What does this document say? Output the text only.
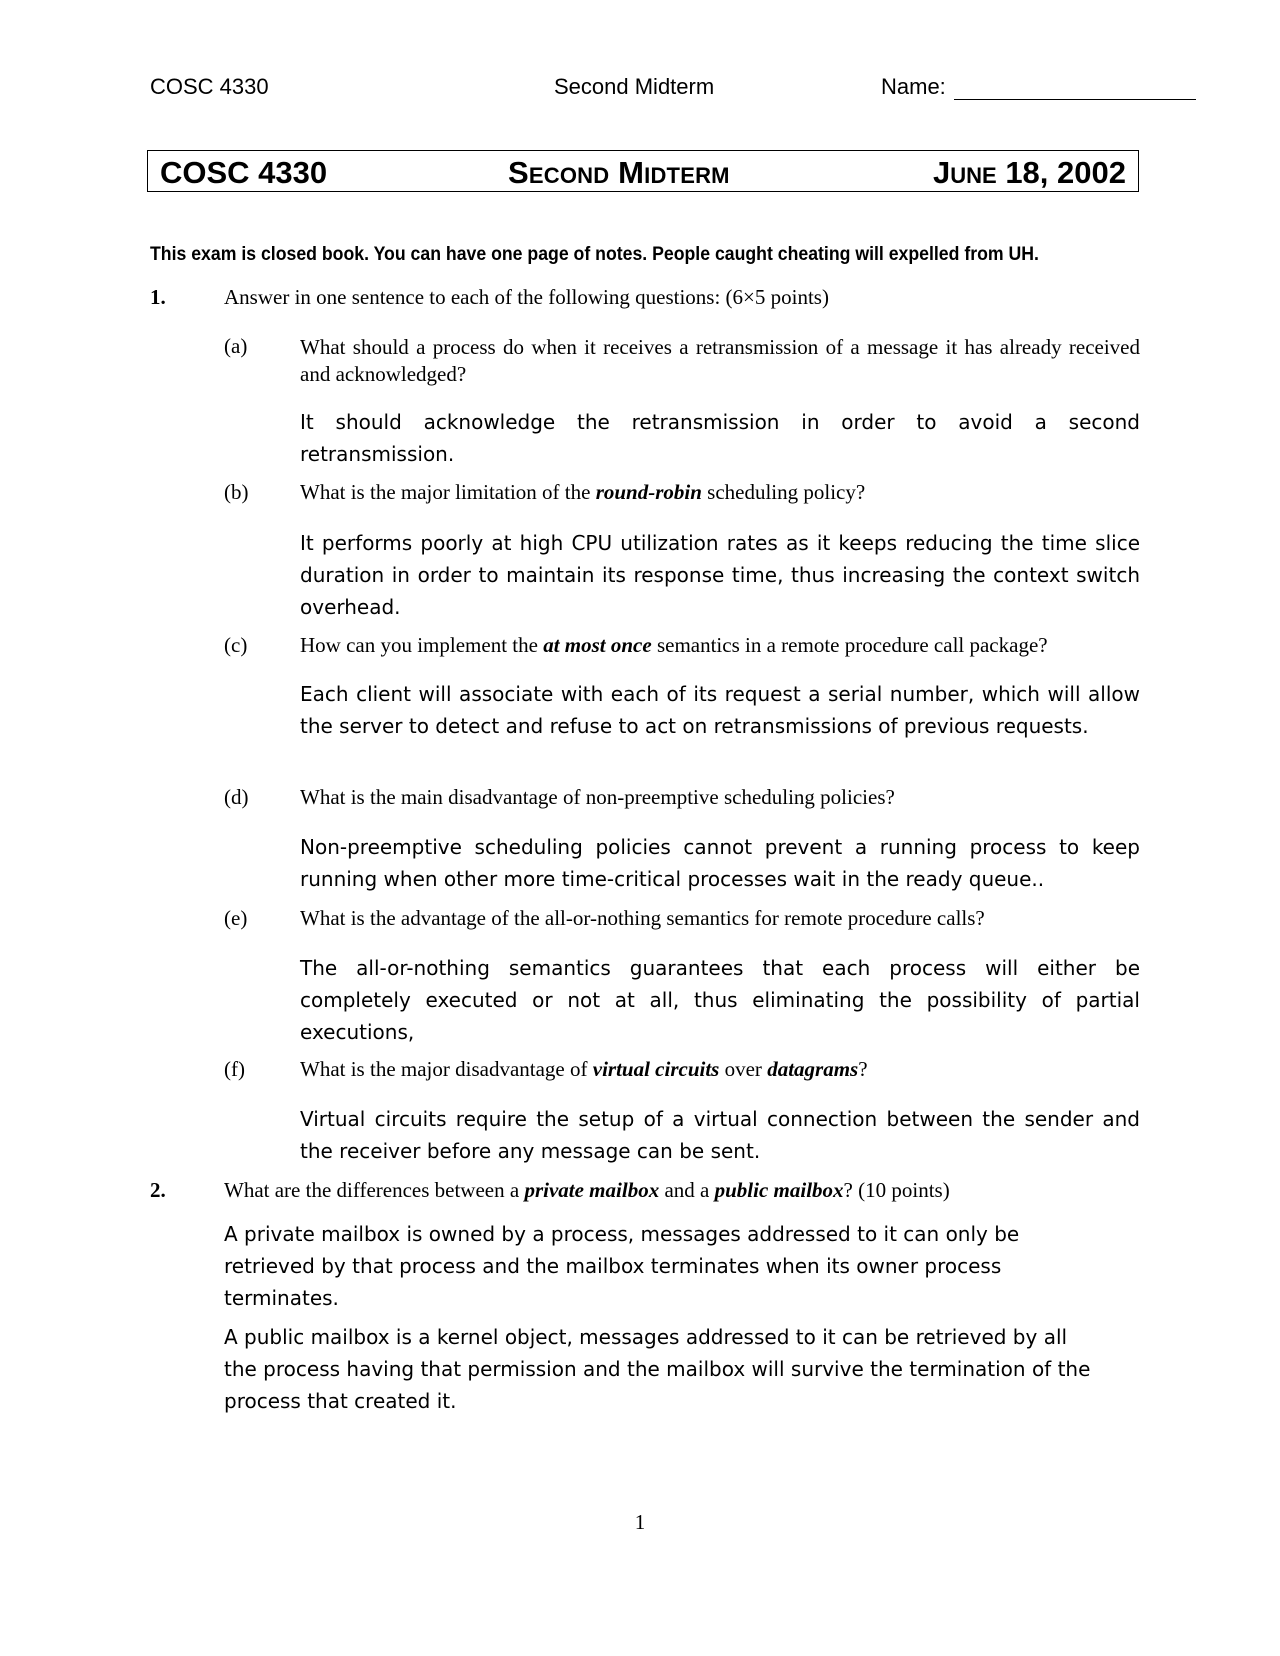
COSC 4330	Second Midterm	Name:
COSC 4330	Second Midterm	June 18, 2002
This exam is closed book. You can have one page of notes. People caught cheating will expelled from UH.
1.	Answer in one sentence to each of the following questions: (6×5 points)
(a)	What should a process do when it receives a retransmission of a message it has already received and acknowledged?
It should acknowledge the retransmission in order to avoid a second retransmission.
(b) What is the major limitation of the round-robin scheduling policy?
It performs poorly at high CPU utilization rates as it keeps reducing the time slice duration in order to maintain its response time, thus increasing the context switch overhead.
(c)	How can you implement the at most once semantics in a remote procedure call package?
Each client will associate with each of its request a serial number, which will allow the server to detect and refuse to act on retransmissions of previous requests.
(d) What is the main disadvantage of non-preemptive scheduling policies?
Non-preemptive scheduling policies cannot prevent a running process to keep running when other more time-critical processes wait in the ready queue..
(e)	What is the advantage of the all-or-nothing semantics for remote procedure calls?
The all-or-nothing semantics guarantees that each process will either be completely executed or not at all, thus eliminating the possibility of partial executions,
(f)	What is the major disadvantage of virtual circuits over datagrams?
Virtual circuits require the setup of a virtual connection between the sender and the receiver before any message can be sent.
2.	What are the differences between a private mailbox and a public mailbox? (10 points)
A private mailbox is owned by a process, messages addressed to it can only be retrieved by that process and the mailbox terminates when its owner process terminates.
A public mailbox is a kernel object, messages addressed to it can be retrieved by all the process having that permission and the mailbox will survive the termination of the process that created it.
1
